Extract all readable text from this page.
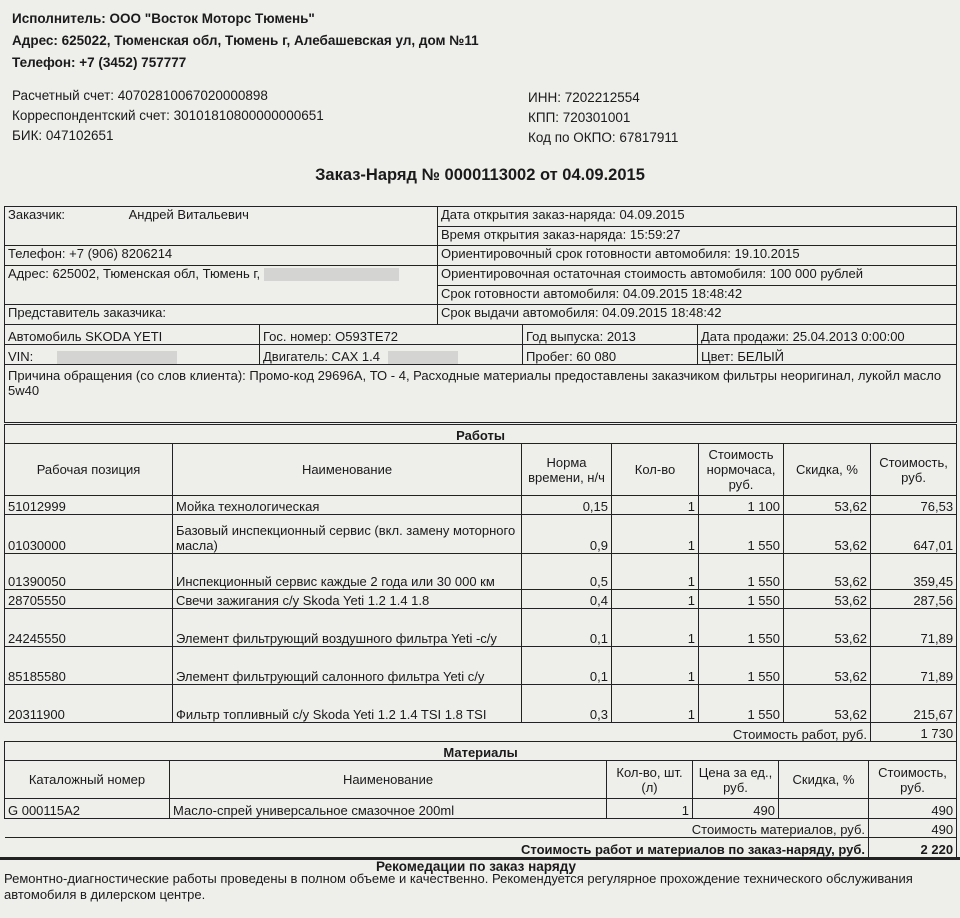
Исполнитель: ООО "Восток Моторс Тюмень"
Адрес: 625022, Тюменская обл, Тюмень г, Алебашевская ул, дом №11
Телефон: +7 (3452) 757777
Расчетный счет: 40702810067020000898
Корреспондентский счет: 30101810800000000651
БИК: 047102651
ИНН: 7202212554
КПП: 720301001
Код по ОКПО: 67817911
Заказ-Наряд № 0000113002 от 04.09.2015
Заказчик: Андрей Витальевич	Дата открытия заказ-наряда: 04.09.2015
	Время открытия заказ-наряда: 15:59:27
Телефон: +7 (906) 8206214	Ориентировочный срок готовности автомобиля: 19.10.2015
Адрес: 625002, Тюменская обл, Тюмень г,	Ориентировочная остаточная стоимость автомобиля: 100 000 рублей
	Срок готовности автомобиля: 04.09.2015 18:48:42
Представитель заказчика:	Срок выдачи автомобиля: 04.09.2015 18:48:42
Автомобиль SKODA YETI	Гос. номер: О593ТЕ72	Год выпуска: 2013	Дата продажи: 25.04.2013 0:00:00
VIN:	Двигатель: CAX 1.4	Пробег: 60 080	Цвет: БЕЛЫЙ
Причина обращения (со слов клиента): Промо-код 29696А, ТО - 4, Расходные материалы предоставлены заказчиком фильтры неоригинал, лукойл масло 5w40			
Работы						
Рабочая позиция	Наименование	Норма времени, н/ч	Кол-во	Стоимость нормочаса, руб.	Скидка, %	Стоимость, руб.
51012999	Мойка технологическая	0,15	1	1 100	53,62	76,53
01030000	Базовый инспекционный сервис (вкл. замену моторного масла)	0,9	1	1 550	53,62	647,01
01390050	Инспекционный сервис каждые 2 года или 30 000 км	0,5	1	1 550	53,62	359,45
28705550	Свечи зажигания с/у Skoda Yeti 1.2 1.4 1.8	0,4	1	1 550	53,62	287,56
24245550	Элемент фильтрующий воздушного фильтра Yeti -с/у	0,1	1	1 550	53,62	71,89
85185580	Элемент фильтрующий салонного фильтра Yeti с/у	0,1	1	1 550	53,62	71,89
20311900	Фильтр топливный с/у Skoda Yeti 1.2 1.4 TSI 1.8 TSI	0,3	1	1 550	53,62	215,67
Стоимость работ, руб.						1 730
Материалы					
Каталожный номер	Наименование	Кол-во, шт. (л)	Цена за ед., руб.	Скидка, %	Стоимость, руб.
G 000115A2	Масло-спрей универсальное смазочное 200ml	1	490		490
Стоимость материалов, руб.					490
Стоимость работ и материалов по заказ-наряду, руб.					2 220
Рекомедации по заказ наряду
Ремонтно-диагностические работы проведены в полном объеме и качественно. Рекомендуется регулярное прохождение технического обслуживания автомобиля в дилерском центре.
